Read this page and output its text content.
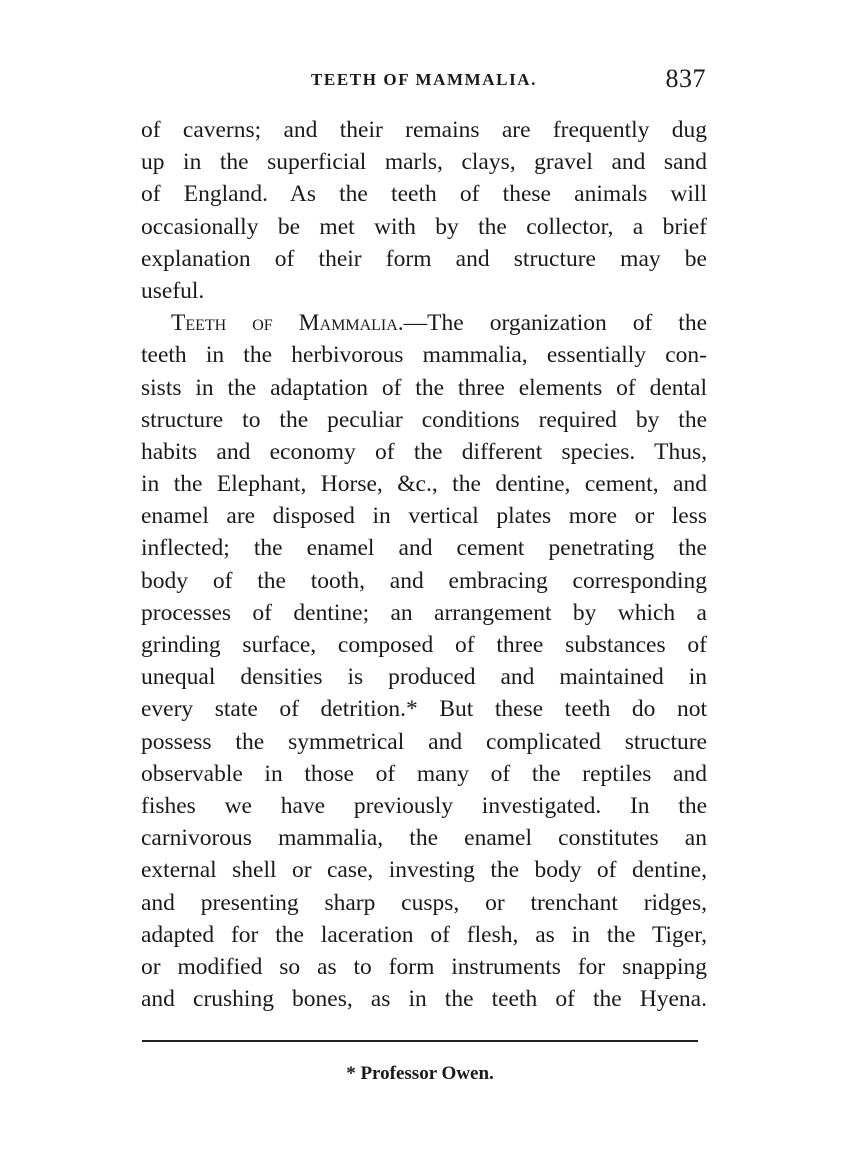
TEETH OF MAMMALIA.	837
of caverns; and their remains are frequently dug
up in the superficial marls, clays, gravel and sand
of England. As the teeth of these animals will
occasionally be met with by the collector, a brief
explanation of their form and structure may be
useful.
Teeth of Mammalia.—The organization of the
teeth in the herbivorous mammalia, essentially con-
sists in the adaptation of the three elements of dental
structure to the peculiar conditions required by the
habits and economy of the different species. Thus,
in the Elephant, Horse, &c., the dentine, cement, and
enamel are disposed in vertical plates more or less
inflected; the enamel and cement penetrating the
body of the tooth, and embracing corresponding
processes of dentine; an arrangement by which a
grinding surface, composed of three substances of
unequal densities is produced and maintained in
every state of detrition.* But these teeth do not
possess the symmetrical and complicated structure
observable in those of many of the reptiles and
fishes we have previously investigated. In the
carnivorous mammalia, the enamel constitutes an
external shell or case, investing the body of dentine,
and presenting sharp cusps, or trenchant ridges,
adapted for the laceration of flesh, as in the Tiger,
or modified so as to form instruments for snapping
and crushing bones, as in the teeth of the Hyena.
* Professor Owen.
